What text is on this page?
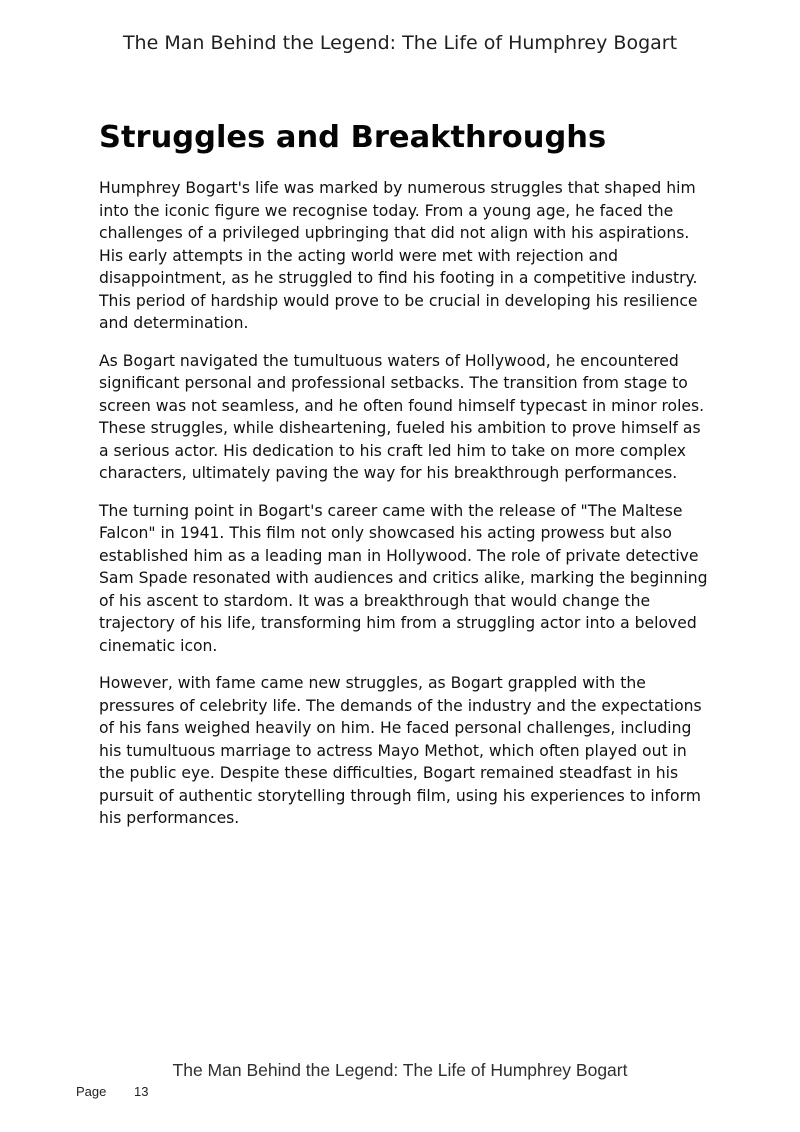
The Man Behind the Legend: The Life of Humphrey Bogart
Struggles and Breakthroughs

Humphrey Bogart's life was marked by numerous struggles that shaped him into the iconic figure we recognise today. From a young age, he faced the challenges of a privileged upbringing that did not align with his aspirations. His early attempts in the acting world were met with rejection and disappointment, as he struggled to find his footing in a competitive industry. This period of hardship would prove to be crucial in developing his resilience and determination.

As Bogart navigated the tumultuous waters of Hollywood, he encountered significant personal and professional setbacks. The transition from stage to screen was not seamless, and he often found himself typecast in minor roles. These struggles, while disheartening, fueled his ambition to prove himself as a serious actor. His dedication to his craft led him to take on more complex characters, ultimately paving the way for his breakthrough performances.

The turning point in Bogart's career came with the release of "The Maltese Falcon" in 1941. This film not only showcased his acting prowess but also established him as a leading man in Hollywood. The role of private detective Sam Spade resonated with audiences and critics alike, marking the beginning of his ascent to stardom. It was a breakthrough that would change the trajectory of his life, transforming him from a struggling actor into a beloved cinematic icon.

However, with fame came new struggles, as Bogart grappled with the pressures of celebrity life. The demands of the industry and the expectations of his fans weighed heavily on him. He faced personal challenges, including his tumultuous marriage to actress Mayo Methot, which often played out in the public eye. Despite these difficulties, Bogart remained steadfast in his pursuit of authentic storytelling through film, using his experiences to inform his performances.

The Man Behind the Legend: The Life of Humphrey Bogart
Page 13
